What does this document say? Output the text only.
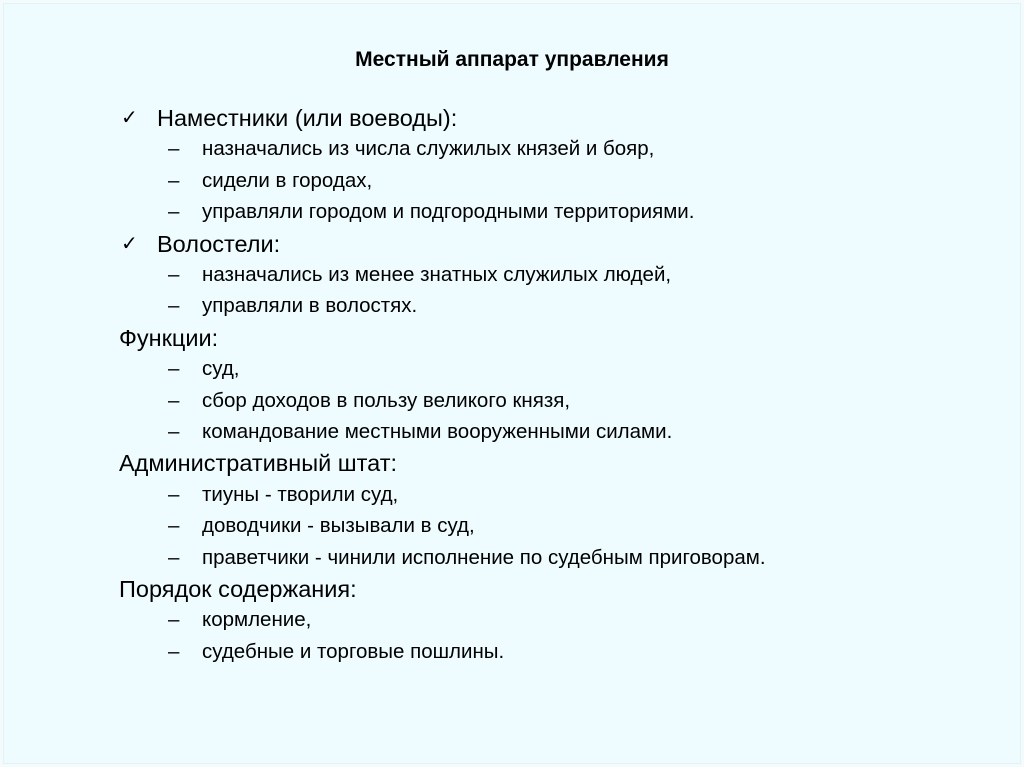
Местный аппарат управления
✓ Наместники (или воеводы):
– назначались из числа служилых князей и бояр,
– сидели в городах,
– управляли городом и подгородными территориями.
✓ Волостели:
– назначались из менее знатных служилых людей,
– управляли в волостях.
Функции:
– суд,
– сбор доходов в пользу великого князя,
– командование местными вооруженными силами.
Административный штат:
– тиуны - творили суд,
– доводчики - вызывали в суд,
– праветчики - чинили исполнение по судебным приговорам.
Порядок содержания:
– кормление,
– судебные и торговые пошлины.
